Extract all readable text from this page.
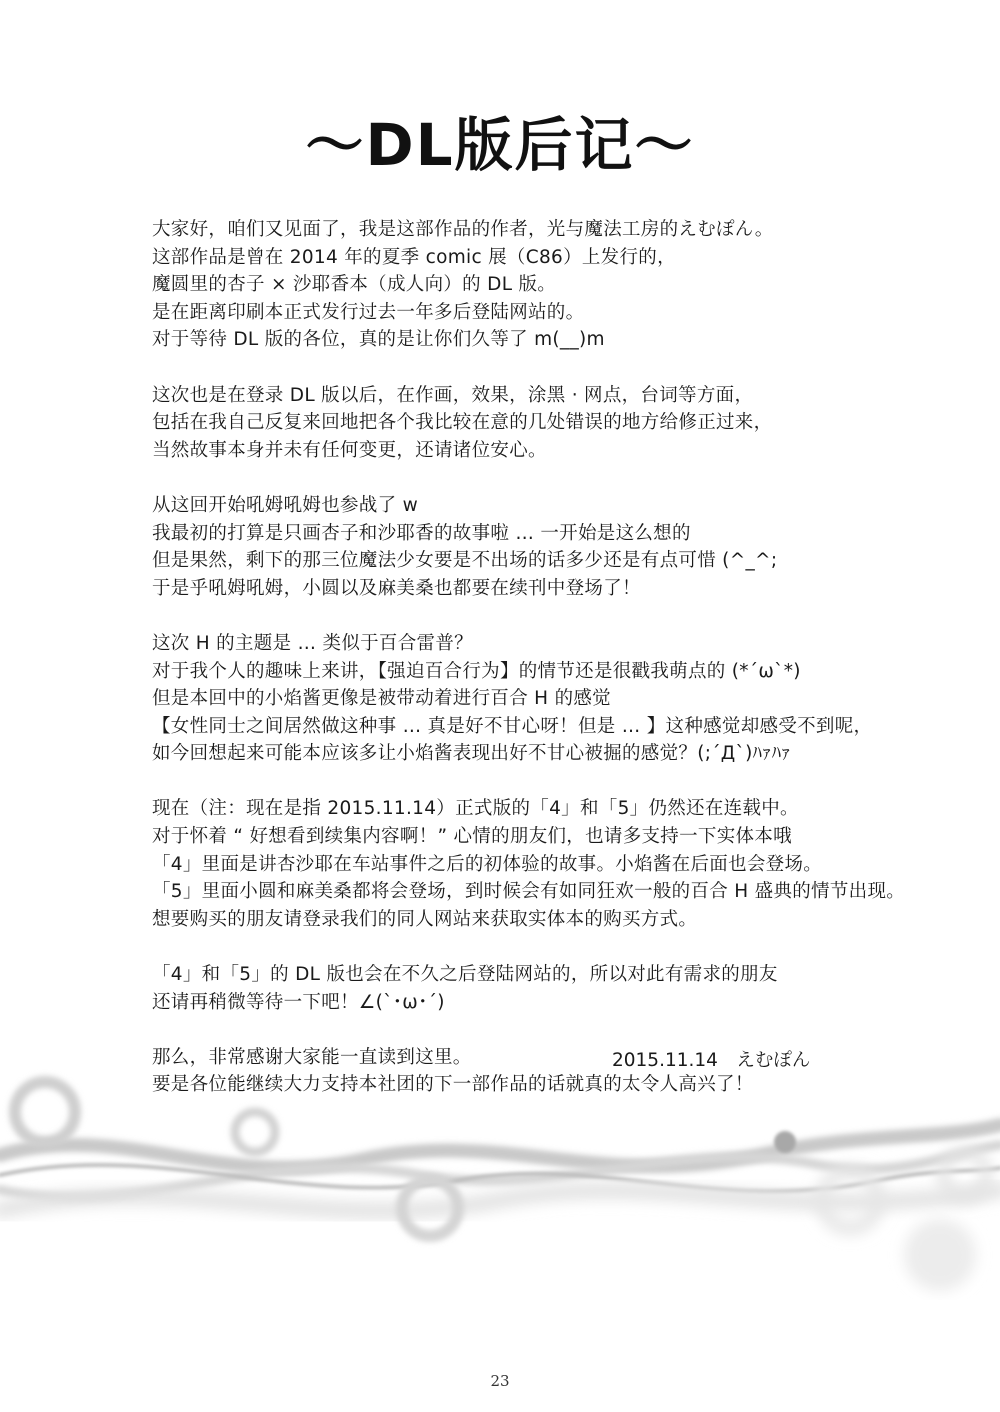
～DL版后记～
大家好，咱们又见面了，我是这部作品的作者，光与魔法工房的えむぽん。
这部作品是曾在 2014 年的夏季 comic 展（C86）上发行的，
魔圆里的杏子 × 沙耶香本（成人向）的 DL 版。
是在距离印刷本正式发行过去一年多后登陆网站的。
对于等待 DL 版的各位，真的是让你们久等了 m(__)m
这次也是在登录 DL 版以后，在作画，效果，涂黑 · 网点，台词等方面，
包括在我自己反复来回地把各个我比较在意的几处错误的地方给修正过来，
当然故事本身并未有任何变更，还请诸位安心。
从这回开始吼姆吼姆也参战了 w
我最初的打算是只画杏子和沙耶香的故事啦 … 一开始是这么想的
但是果然，剩下的那三位魔法少女要是不出场的话多少还是有点可惜 (^_^;
于是乎吼姆吼姆，小圆以及麻美桑也都要在续刊中登场了！
这次 H 的主题是 … 类似于百合雷普？
对于我个人的趣味上来讲，【强迫百合行为】的情节还是很戳我萌点的 (*´ω`*)
但是本回中的小焰酱更像是被带动着进行百合 H 的感觉
【女性同士之间居然做这种事 … 真是好不甘心呀！但是 … 】这种感觉却感受不到呢，
如今回想起来可能本应该多让小焰酱表现出好不甘心被掘的感觉？(;´Д`)ﾊｧﾊｧ
现在（注：现在是指 2015.11.14）正式版的「4」和「5」仍然还在连载中。
对于怀着 “ 好想看到续集内容啊！” 心情的朋友们，也请多支持一下实体本哦
「4」里面是讲杏沙耶在车站事件之后的初体验的故事。小焰酱在后面也会登场。
「5」里面小圆和麻美桑都将会登场，到时候会有如同狂欢一般的百合 H 盛典的情节出现。
想要购买的朋友请登录我们的同人网站来获取实体本的购买方式。
「4」和「5」的 DL 版也会在不久之后登陆网站的，所以对此有需求的朋友
还请再稍微等待一下吧！∠(`･ω･´)
那么，非常感谢大家能一直读到这里。
要是各位能继续大力支持本社团的下一部作品的话就真的太令人高兴了！
2015.11.14　えむぽん
23
